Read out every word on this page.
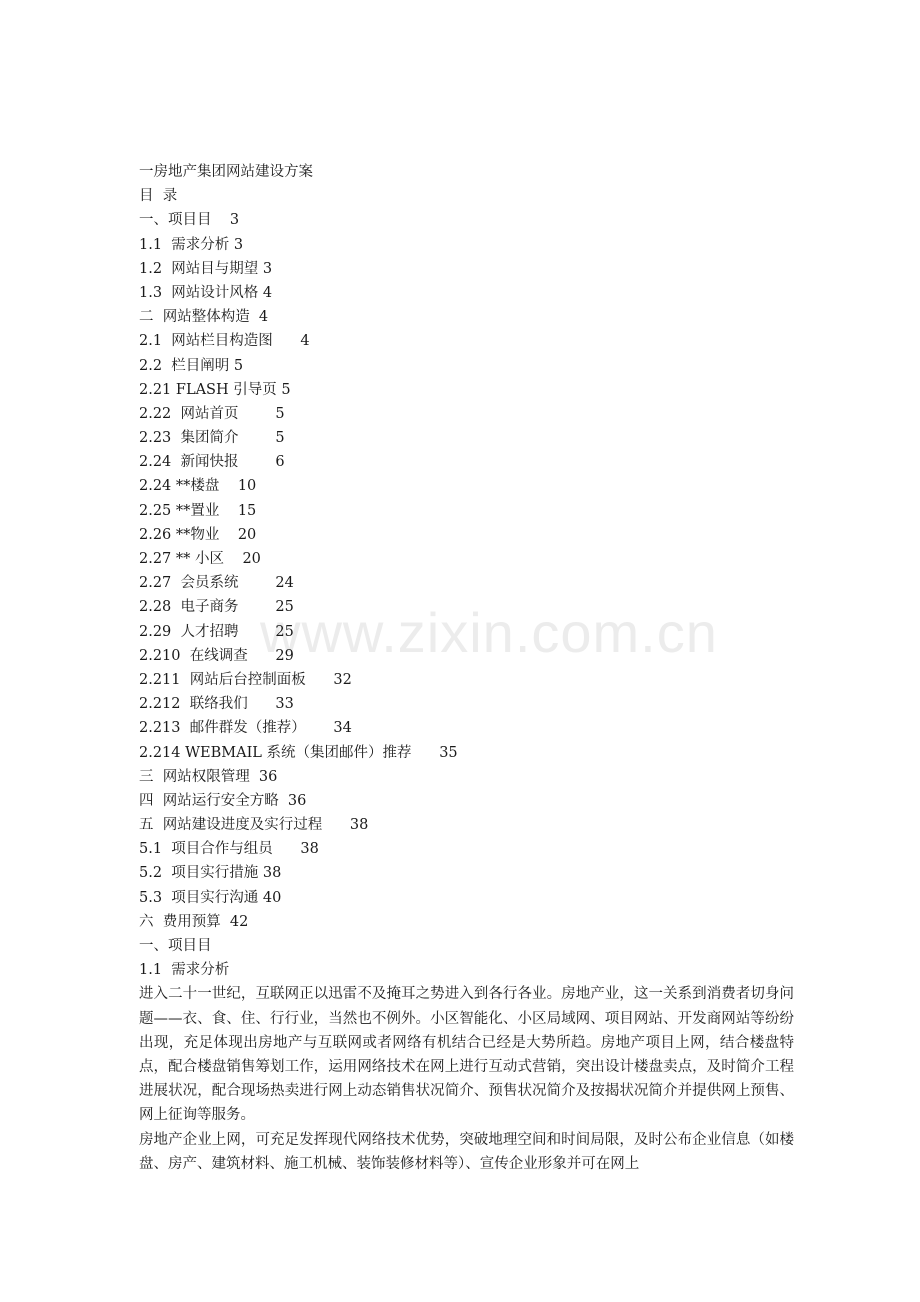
www.zixin.com.cn
一房地产集团网站建设方案
目  录
一、项目目    3
1.1  需求分析 3
1.2  网站目与期望 3
1.3  网站设计风格 4
二  网站整体构造  4
2.1  网站栏目构造图      4
2.2  栏目阐明 5
2.21 FLASH 引导页 5
2.22  网站首页        5
2.23  集团简介        5
2.24  新闻快报        6
2.24 **楼盘    10
2.25 **置业    15
2.26 **物业    20
2.27 ** 小区    20
2.27  会员系统        24
2.28  电子商务        25
2.29  人才招聘        25
2.210  在线调查      29
2.211  网站后台控制面板      32
2.212  联络我们      33
2.213  邮件群发（推荐）      34
2.214 WEBMAIL 系统（集团邮件）推荐      35
三  网站权限管理  36
四  网站运行安全方略  36
五  网站建设进度及实行过程      38
5.1  项目合作与组员      38
5.2  项目实行措施 38
5.3  项目实行沟通 40
六  费用预算  42
一、项目目
1.1  需求分析

进入二十一世纪，互联网正以迅雷不及掩耳之势进入到各行各业。房地产业，这一关系到消费者切身问题——衣、食、住、行行业，当然也不例外。小区智能化、小区局域网、项目网站、开发商网站等纷纷出现，充足体现出房地产与互联网或者网络有机结合已经是大势所趋。房地产项目上网，结合楼盘特点，配合楼盘销售筹划工作，运用网络技术在网上进行互动式营销，突出设计楼盘卖点，及时简介工程进展状况，配合现场热卖进行网上动态销售状况简介、预售状况简介及按揭状况简介并提供网上预售、网上征询等服务。

房地产企业上网，可充足发挥现代网络技术优势，突破地理空间和时间局限，及时公布企业信息（如楼盘、房产、建筑材料、施工机械、装饰装修材料等）、宣传企业形象并可在网上
